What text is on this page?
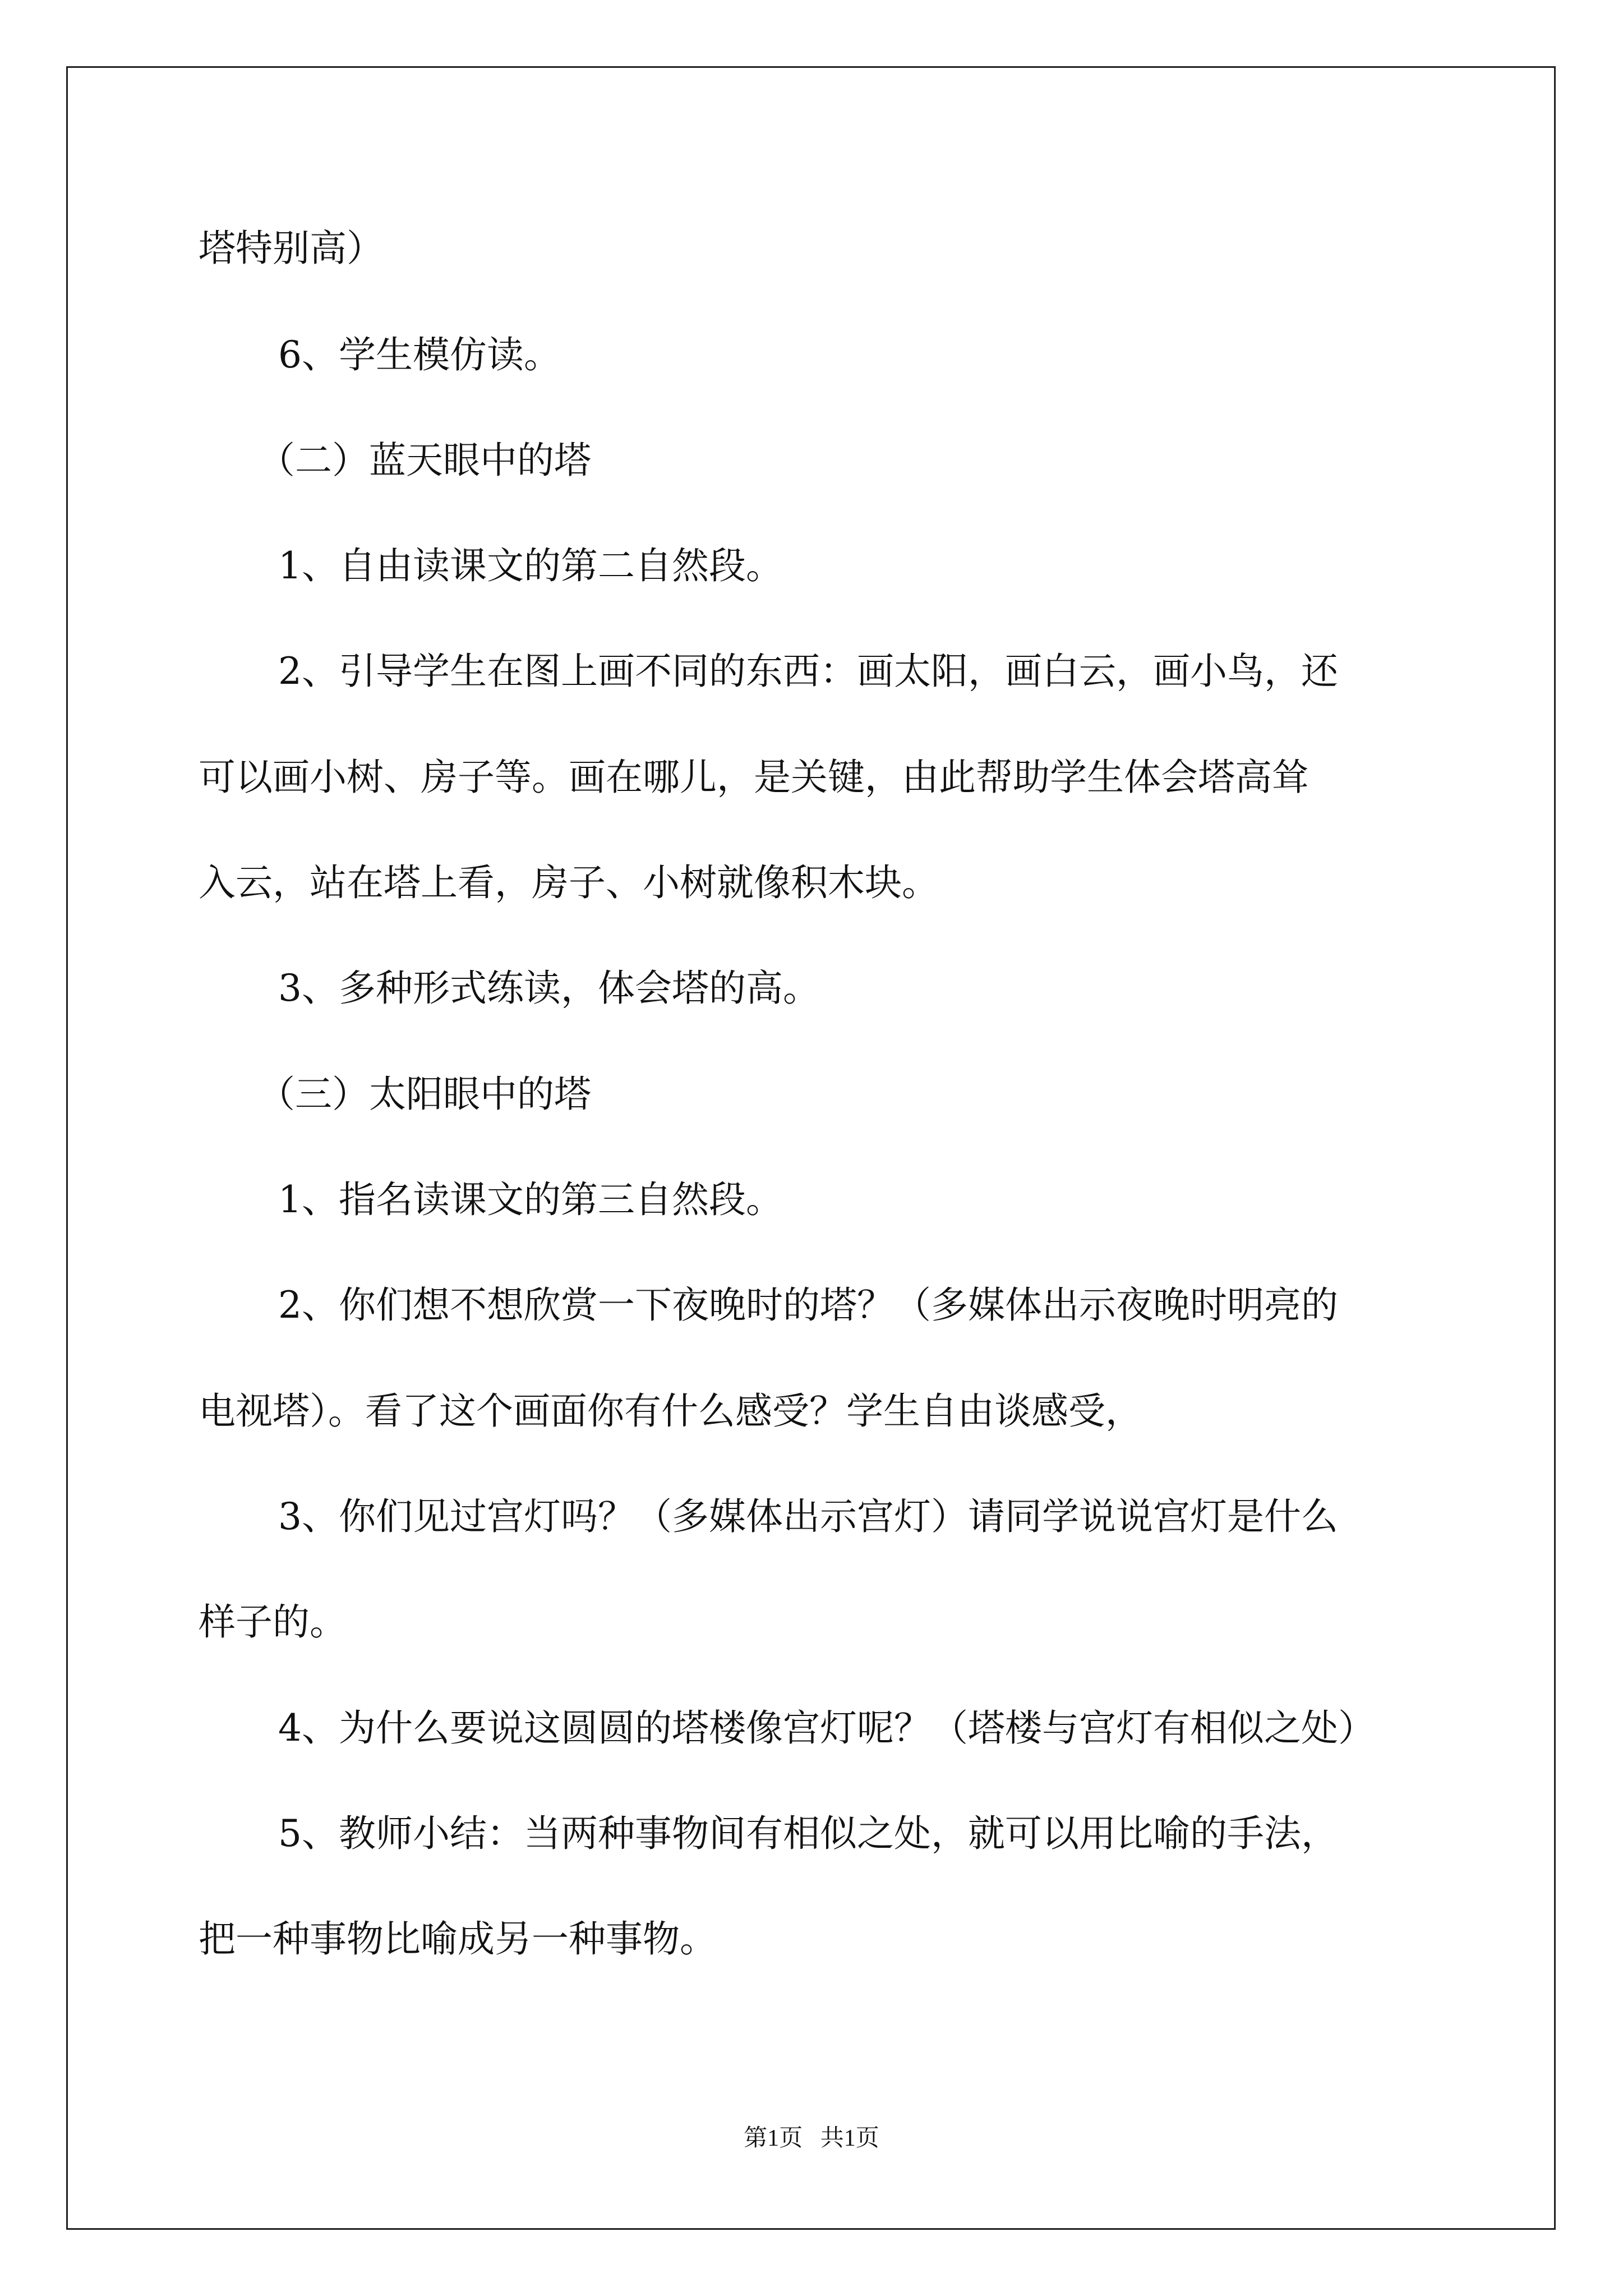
塔特别高）

6、学生模仿读。

（二）蓝天眼中的塔

1、自由读课文的第二自然段。

2、引导学生在图上画不同的东西：画太阳，画白云，画小鸟，还

可以画小树、房子等。画在哪儿，是关键，由此帮助学生体会塔高耸

入云，站在塔上看，房子、小树就像积木块。

3、多种形式练读，体会塔的高。

（三）太阳眼中的塔

1、指名读课文的第三自然段。

2、你们想不想欣赏一下夜晚时的塔？（多媒体出示夜晚时明亮的

电视塔）。看了这个画面你有什么感受？学生自由谈感受，

3、你们见过宫灯吗？（多媒体出示宫灯）请同学说说宫灯是什么

样子的。

4、为什么要说这圆圆的塔楼像宫灯呢？（塔楼与宫灯有相似之处）

5、教师小结：当两种事物间有相似之处，就可以用比喻的手法，

把一种事物比喻成另一种事物。

第1页   共1页
